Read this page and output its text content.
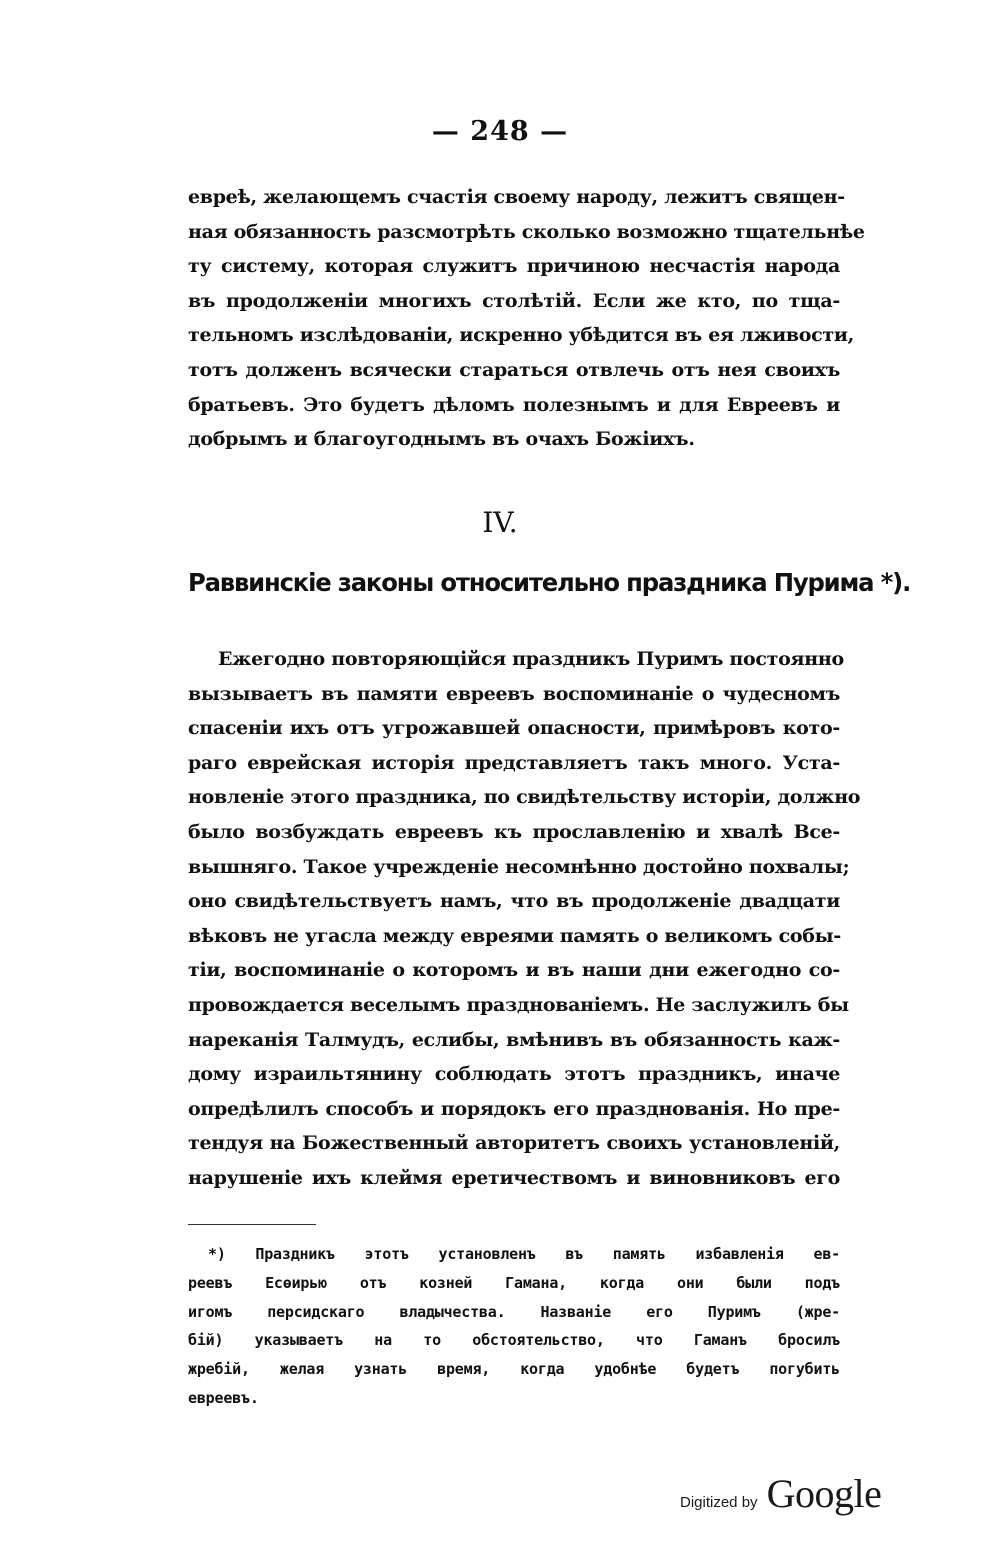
— 248 —
евреѣ, желающемъ счастія своему народу, лежитъ священ-
ная обязанность разсмотрѣть сколько возможно тщательнѣе
ту систему, которая служитъ причиною несчастія народа
въ продолженіи многихъ столѣтій. Если же кто, по тща-
тельномъ изслѣдованіи, искренно убѣдится въ ея лживости,
тотъ долженъ всячески стараться отвлечь отъ нея своихъ
братьевъ. Это будетъ дѣломъ полезнымъ и для Евреевъ и
добрымъ и благоугоднымъ въ очахъ Божіихъ.
IV.
Раввинскіе законы относительно праздника Пурима *).
Ежегодно повторяющійся праздникъ Пуримъ постоянно
вызываетъ въ памяти евреевъ воспоминаніе о чудесномъ
спасеніи ихъ отъ угрожавшей опасности, примѣровъ кото-
раго еврейская исторія представляетъ такъ много. Уста-
новленіе этого праздника, по свидѣтельству исторіи, должно
было возбуждать евреевъ къ прославленію и хвалѣ Все-
вышняго. Такое учрежденіе несомнѣнно достойно похвалы;
оно свидѣтельствуетъ намъ, что въ продолженіе двадцати
вѣковъ не угасла между евреями память о великомъ собы-
тіи, воспоминаніе о которомъ и въ наши дни ежегодно со-
провождается веселымъ празднованіемъ. Не заслужилъ бы
нареканія Талмудъ, еслибы, вмѣнивъ въ обязанность каж-
дому израильтянину соблюдать этотъ праздникъ, иначе
опредѣлилъ способъ и порядокъ его празднованія. Но пре-
тендуя на Божественный авторитетъ своихъ установленій,
нарушеніе ихъ клеймя еретичествомъ и виновниковъ его
*) Праздникъ этотъ установленъ въ память избавленія ев-
реевъ Есѳирью отъ козней Гамана, когда они были подъ
игомъ персидскаго владычества. Названіе его Пуримъ (жре-
бій) указываетъ на то обстоятельство, что Гаманъ бросилъ
жребій, желая узнать время, когда удобнѣе будетъ погубить
евреевъ.
Digitized by Google
